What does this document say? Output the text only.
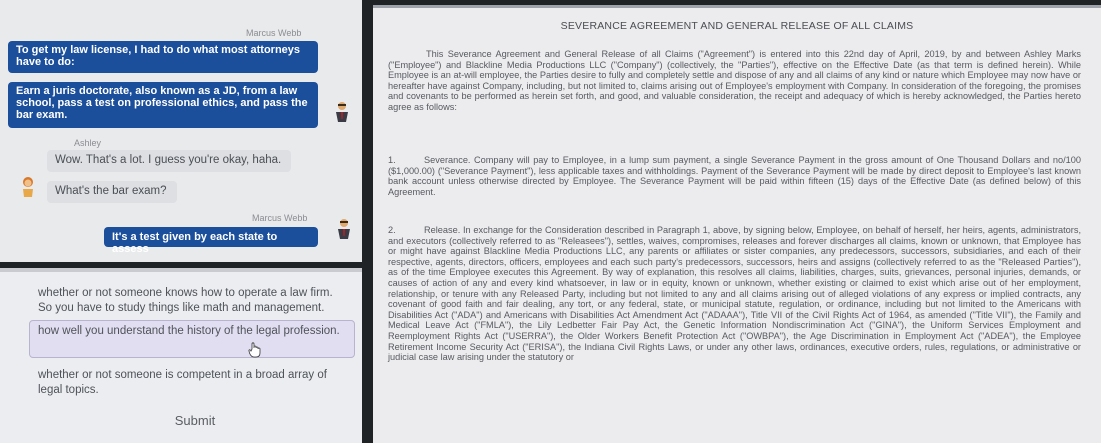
Marcus Webb
To get my law license, I had to do what most attorneys have to do:
Earn a juris doctorate, also known as a JD, from a law school, pass a test on professional ethics, and pass the bar exam.
Ashley
Wow. That's a lot. I guess you're okay, haha.
What's the bar exam?
Marcus Webb
It's a test given by each state to assess
whether or not someone knows how to operate a law firm. So you have to study things like math and management.
how well you understand the history of the legal profession.
whether or not someone is competent in a broad array of legal topics.
Submit
SEVERANCE AGREEMENT AND GENERAL RELEASE OF ALL CLAIMS

This Severance Agreement and General Release of all Claims ("Agreement") is entered into this 22nd day of April, 2019, by and between Ashley Marks ("Employee") and Blackline Media Productions LLC ("Company") (collectively, the "Parties"), effective on the Effective Date (as that term is defined herein). While Employee is an at-will employee, the Parties desire to fully and completely settle and dispose of any and all claims of any kind or nature which Employee may now have or hereafter have against Company, including, but not limited to, claims arising out of Employee's employment with Company. In consideration of the foregoing, the promises and covenants to be performed as herein set forth, and good, and valuable consideration, the receipt and adequacy of which is hereby acknowledged, the Parties hereto agree as follows:

1.	Severance. Company will pay to Employee, in a lump sum payment, a single Severance Payment in the gross amount of One Thousand Dollars and no/100 ($1,000.00) ("Severance Payment"), less applicable taxes and withholdings. Payment of the Severance Payment will be made by direct deposit to Employee's last known bank account unless otherwise directed by Employee. The Severance Payment will be paid within fifteen (15) days of the Effective Date (as defined below) of this Agreement.

2.	Release. In exchange for the Consideration described in Paragraph 1, above, by signing below, Employee, on behalf of herself, her heirs, agents, administrators, and executors (collectively referred to as "Releasees"), settles, waives, compromises, releases and forever discharges all claims, known or unknown, that Employee has or might have against Blackline Media Productions LLC, any parents or affiliates or sister companies, any predecessors, successors, subsidiaries, and each of their respective, agents, directors, officers, employees and each such party's predecessors, successors, heirs and assigns (collectively referred to as the "Released Parties"), as of the time Employee executes this Agreement. By way of explanation, this resolves all claims, liabilities, charges, suits, grievances, personal injuries, demands, or causes of action of any and every kind whatsoever, in law or in equity, known or unknown, whether existing or claimed to exist which arise out of her employment, relationship, or tenure with any Released Party, including but not limited to any and all claims arising out of alleged violations of any express or implied contracts, any covenant of good faith and fair dealing, any tort, or any federal, state, or municipal statute, regulation, or ordinance, including but not limited to the Americans with Disabilities Act ("ADA") and Americans with Disabilities Act Amendment Act ("ADAAA"), Title VII of the Civil Rights Act of 1964, as amended ("Title VII"), the Family and Medical Leave Act ("FMLA"), the Lily Ledbetter Fair Pay Act, the Genetic Information Nondiscrimination Act ("GINA"), the Uniform Services Employment and Reemployment Rights Act ("USERRA"), the Older Workers Benefit Protection Act ("OWBPA"), the Age Discrimination in Employment Act ("ADEA"), the Employee Retirement Income Security Act ("ERISA"), the Indiana Civil Rights Laws, or under any other laws, ordinances, executive orders, rules, regulations, or administrative or judicial case law arising under the statutory or
